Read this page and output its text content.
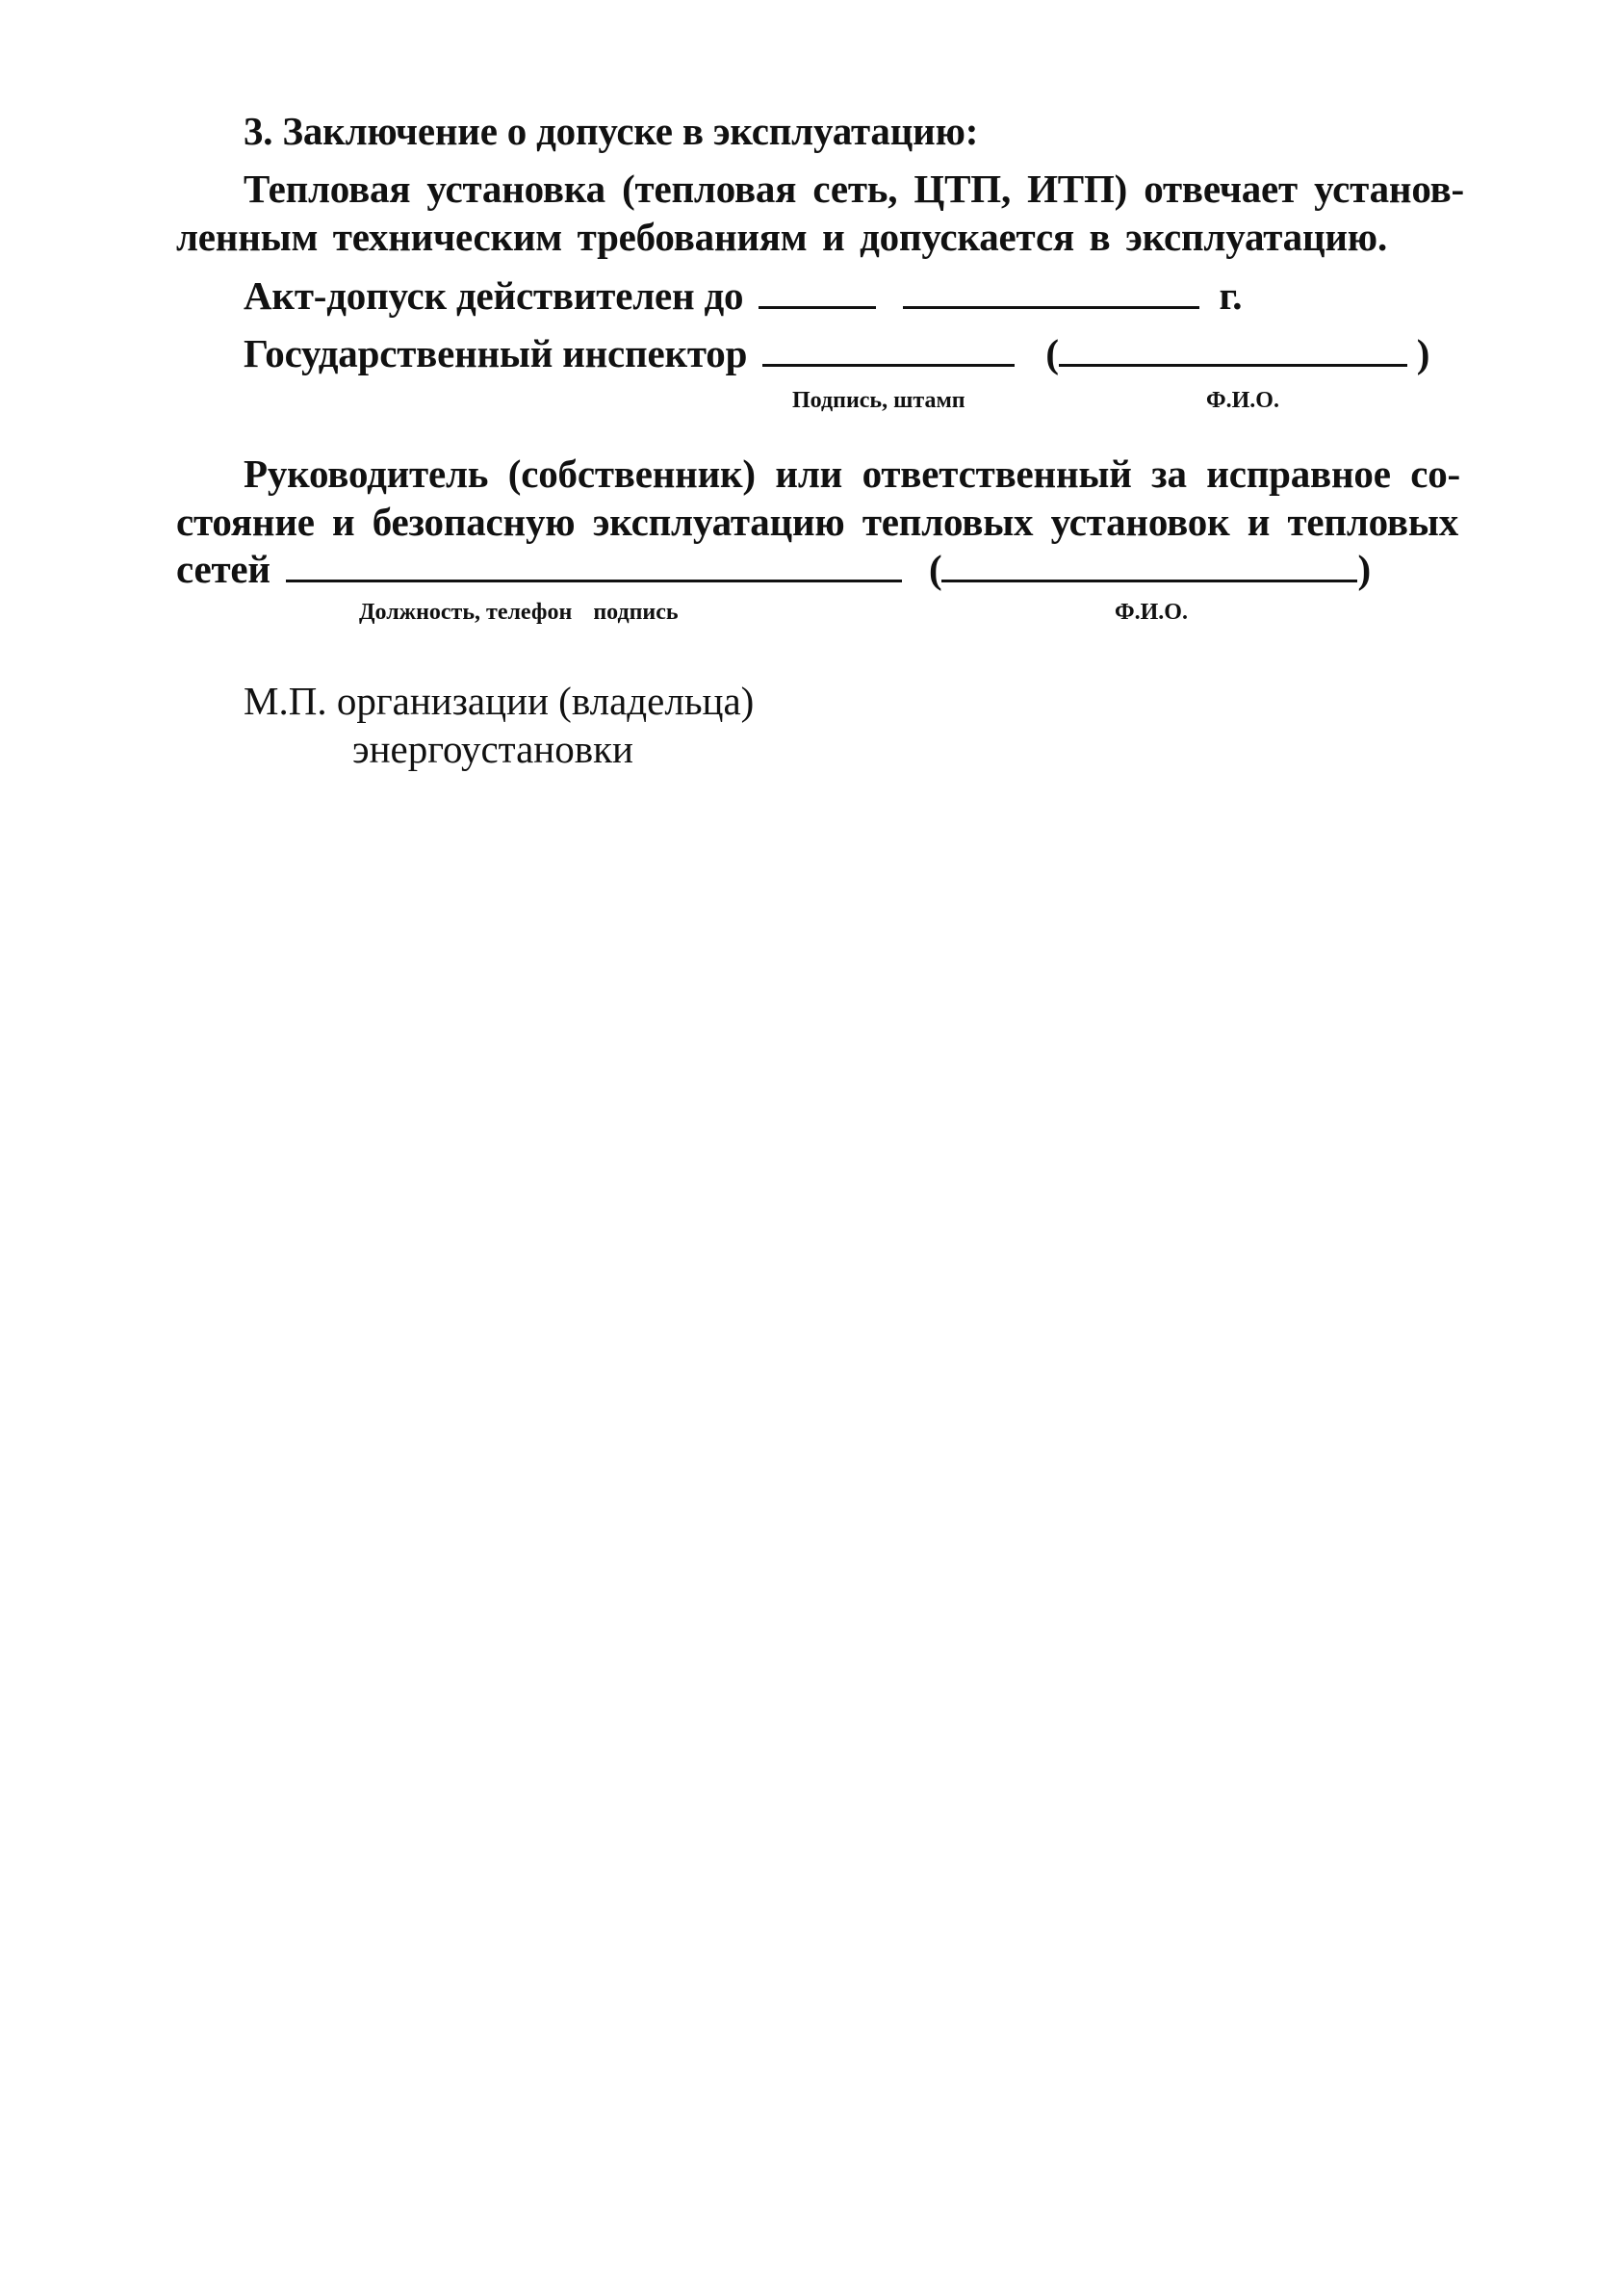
3. Заключение о допуске в эксплуатацию:
Тепловая установка (тепловая сеть, ЦТП, ИТП) отвечает установ-
ленным техническим требованиям и допускается в эксплуатацию.
Акт-допуск действителен до	г.
Государственный инспектор	(	)
Подпись, штамп	Ф.И.О.
Руководитель (собственник) или ответственный за исправное со-
стояние и безопасную эксплуатацию тепловых установок и тепловых
сетей	(	)
Должность, телефон подпись	Ф.И.О.
М.П. организации (владельца)
энергоустановки
